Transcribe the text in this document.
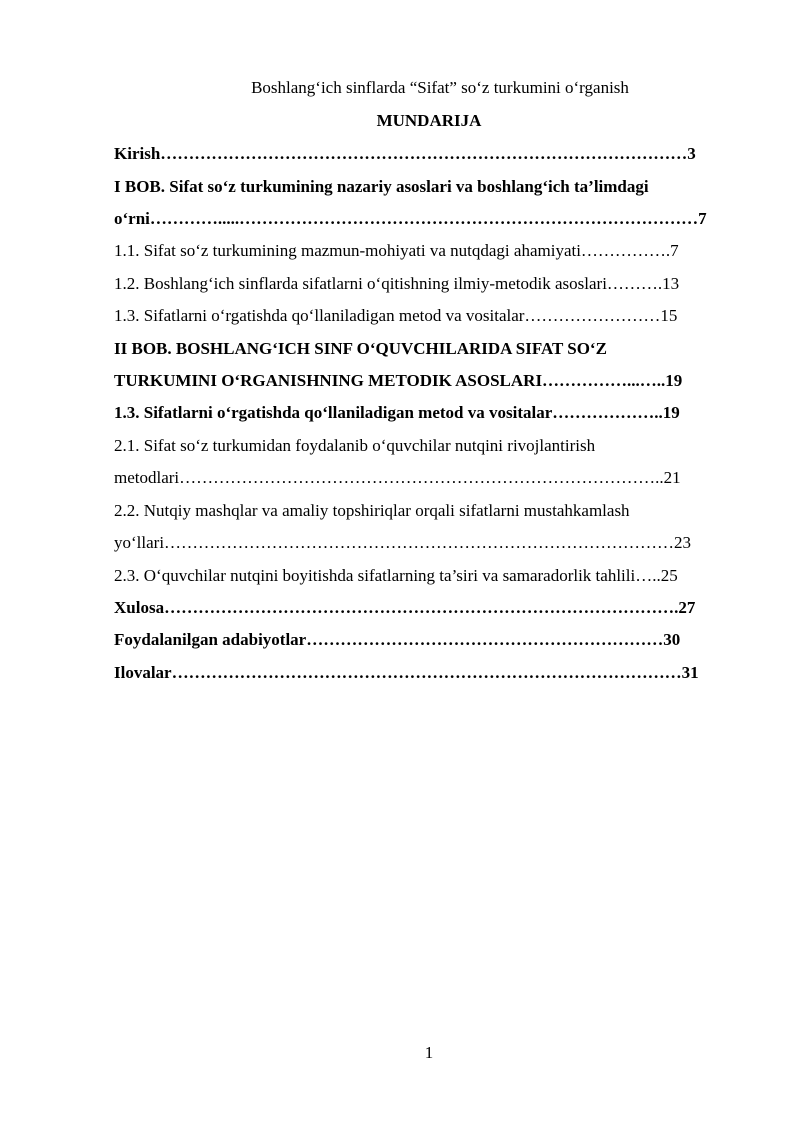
Boshlang‘ich sinflarda “Sifat” so‘z turkumini o‘rganish
MUNDARIJA
Kirish…………………………………………………………………………………3
I BOB. Sifat so‘z turkumining nazariy asoslari va boshlang‘ich ta’limdagi
o‘rni………….....………………………………………………………………………7
1.1. Sifat so‘z turkumining mazmun-mohiyati va nutqdagi ahamiyati…………….7
1.2. Boshlang‘ich sinflarda sifatlarni o‘qitishning ilmiy-metodik asoslari……….13
1.3. Sifatlarni o‘rgatishda qo‘llaniladigan metod va vositalar……………………15
II BOB. BOSHLANG‘ICH SINF O‘QUVCHILARIDA SIFAT SO‘Z
TURKUMINI O‘RGANISHNING METODIK ASOSLARI……………...…..19
1.3. Sifatlarni o‘rgatishda qo‘llaniladigan metod va vositalar………………..19
2.1. Sifat so‘z turkumidan foydalanib o‘quvchilar nutqini rivojlantirish
metodlari…………………………………………………………………………..21
2.2. Nutqiy mashqlar va amaliy topshiriqlar orqali sifatlarni mustahkamlash
yo‘llari………………………………………………………………………………23
2.3. O‘quvchilar nutqini boyitishda sifatlarning ta’siri va samaradorlik tahlili…..25
Xulosa……………………………………………………………………………….27
Foydalanilgan adabiyotlar………………………………………………………30
Ilovalar………………………………………………………………………………31
1
